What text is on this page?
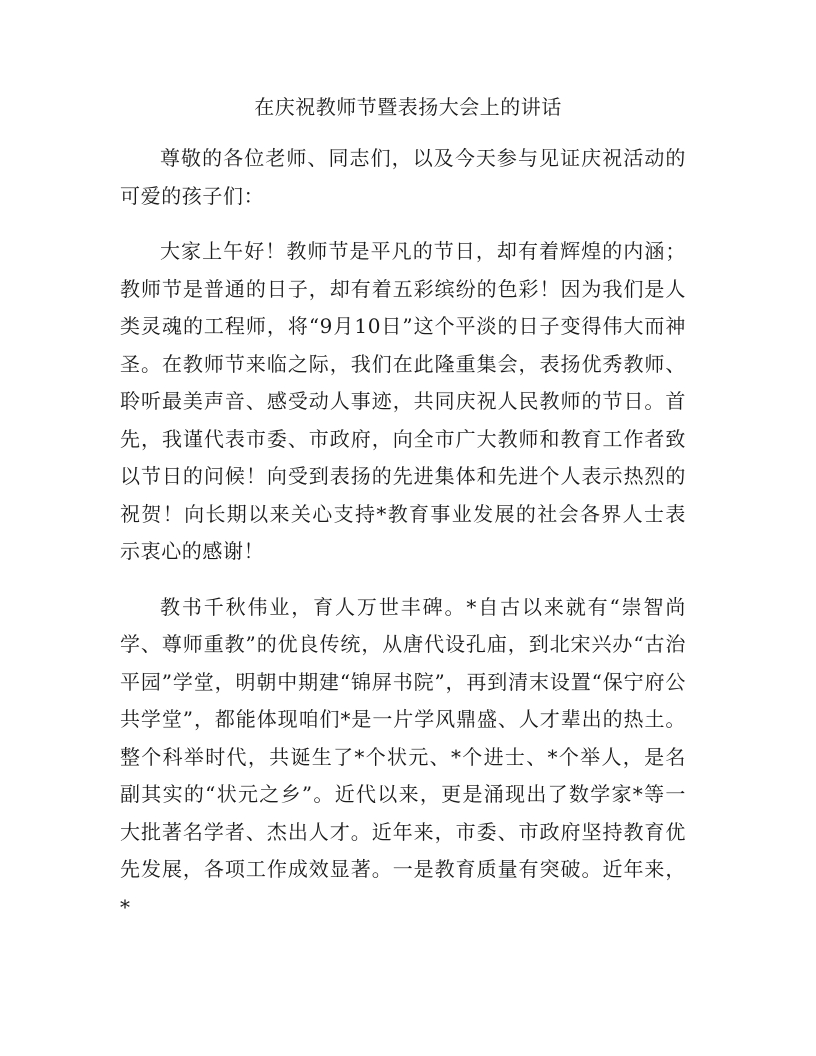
在庆祝教师节暨表扬大会上的讲话

尊敬的各位老师、同志们，以及今天参与见证庆祝活动的可爱的孩子们：

大家上午好！教师节是平凡的节日，却有着辉煌的内涵；教师节是普通的日子，却有着五彩缤纷的色彩！因为我们是人类灵魂的工程师，将“9月10日”这个平淡的日子变得伟大而神圣。在教师节来临之际，我们在此隆重集会，表扬优秀教师、聆听最美声音、感受动人事迹，共同庆祝人民教师的节日。首先，我谨代表市委、市政府，向全市广大教师和教育工作者致以节日的问候！向受到表扬的先进集体和先进个人表示热烈的祝贺！向长期以来关心支持*教育事业发展的社会各界人士表示衷心的感谢！

教书千秋伟业，育人万世丰碑。*自古以来就有“崇智尚学、尊师重教”的优良传统，从唐代设孔庙，到北宋兴办“古治平园”学堂，明朝中期建“锦屏书院”，再到清末设置“保宁府公共学堂”，都能体现咱们*是一片学风鼎盛、人才辈出的热土。整个科举时代，共诞生了*个状元、*个进士、*个举人，是名副其实的“状元之乡”。近代以来，更是涌现出了数学家*等一大批著名学者、杰出人才。近年来，市委、市政府坚持教育优先发展，各项工作成效显著。一是教育质量有突破。近年来，*
